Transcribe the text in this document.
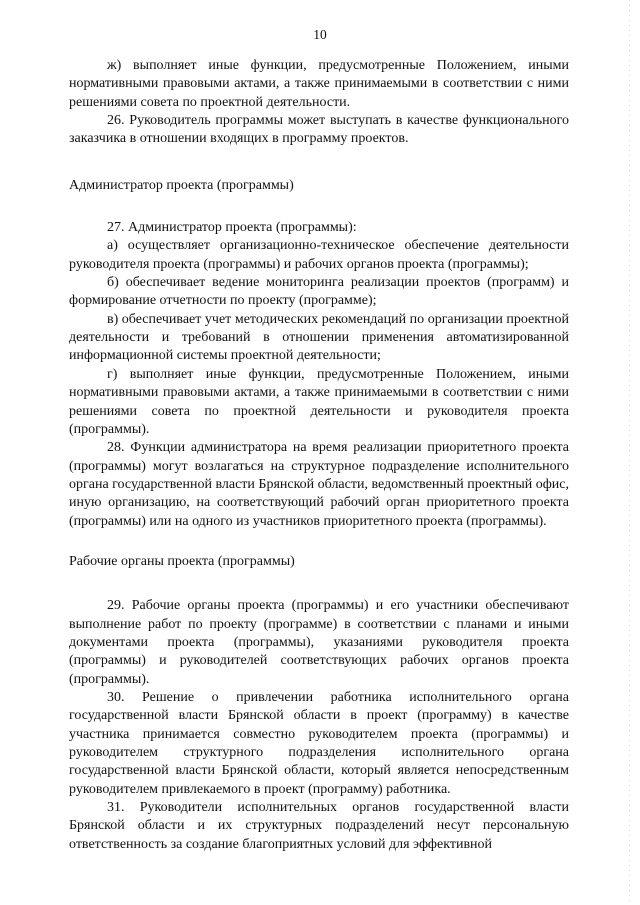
10

ж) выполняет иные функции, предусмотренные Положением, иными нормативными правовыми актами, а также принимаемыми в соответствии с ними решениями совета по проектной деятельности.

26. Руководитель программы может выступать в качестве функционального заказчика в отношении входящих в программу проектов.

Администратор проекта (программы)

27. Администратор проекта (программы):

а) осуществляет организационно-техническое обеспечение деятельности руководителя проекта (программы) и рабочих органов проекта (программы);

б) обеспечивает ведение мониторинга реализации проектов (программ) и формирование отчетности по проекту (программе);

в) обеспечивает учет методических рекомендаций по организации проектной деятельности и требований в отношении применения автоматизированной информационной системы проектной деятельности;

г) выполняет иные функции, предусмотренные Положением, иными нормативными правовыми актами, а также принимаемыми в соответствии с ними решениями совета по проектной деятельности и руководителя проекта (программы).

28. Функции администратора на время реализации приоритетного проекта (программы) могут возлагаться на структурное подразделение исполнительного органа государственной власти Брянской области, ведомственный проектный офис, иную организацию, на соответствующий рабочий орган приоритетного проекта (программы) или на одного из участников приоритетного проекта (программы).

Рабочие органы проекта (программы)

29. Рабочие органы проекта (программы) и его участники обеспечивают выполнение работ по проекту (программе) в соответствии с планами и иными документами проекта (программы), указаниями руководителя проекта (программы) и руководителей соответствующих рабочих органов проекта (программы).

30. Решение о привлечении работника исполнительного органа государственной власти Брянской области в проект (программу) в качестве участника принимается совместно руководителем проекта (программы) и руководителем структурного подразделения исполнительного органа государственной власти Брянской области, который является непосредственным руководителем привлекаемого в проект (программу) работника.

31. Руководители исполнительных органов государственной власти Брянской области и их структурных подразделений несут персональную ответственность за создание благоприятных условий для эффективной
